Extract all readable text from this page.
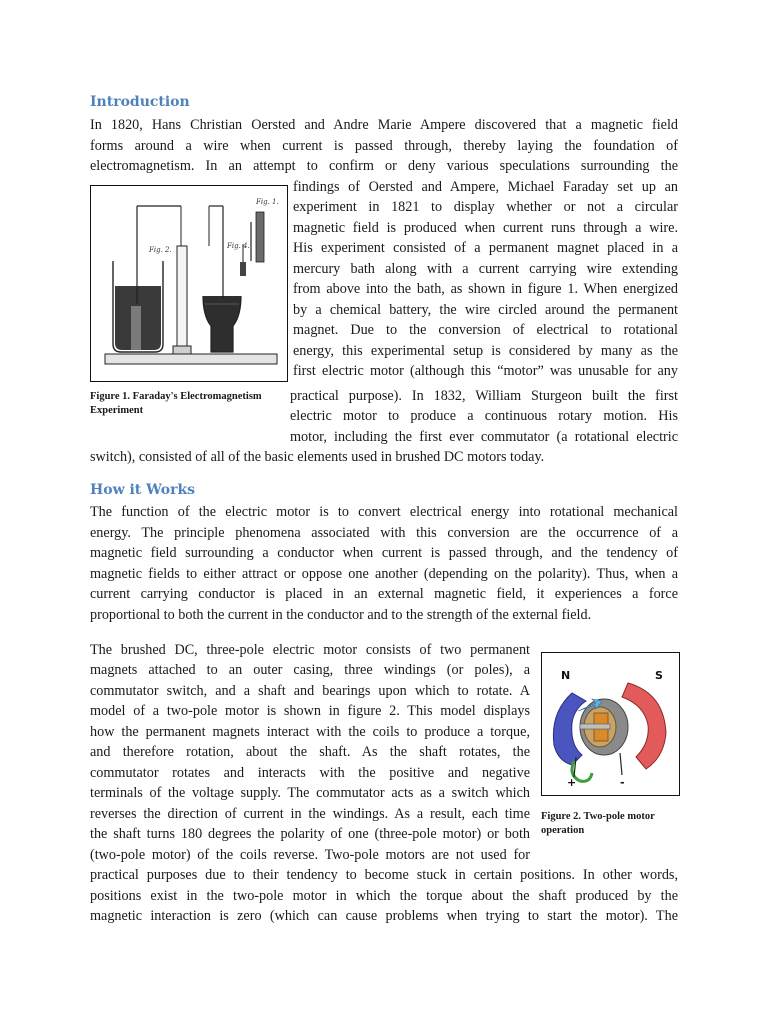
Introduction

In 1820, Hans Christian Oersted and Andre Marie Ampere discovered that a magnetic field

forms around a wire when current is passed through, thereby laying the foundation of

electromagnetism. In an attempt to confirm or deny various speculations surrounding the

findings of Oersted and Ampere, Michael Faraday set up an

experiment in 1821 to display whether or not a circular

magnetic field is produced when current runs through a wire.

His experiment consisted of a permanent magnet placed in a

mercury bath along with a current carrying wire extending

from above into the bath, as shown in figure 1. When energized

by a chemical battery, the wire circled around the permanent

magnet. Due to the conversion of electrical to rotational

energy, this experimental setup is considered by many as the

first electric motor (although this “motor” was unusable for any

practical purpose). In 1832, William Sturgeon built the first

electric motor to produce a continuous rotary motion. His

motor, including the first ever commutator (a rotational electric

switch), consisted of all of the basic elements used in brushed DC motors today.

Fig. 1.
Fig. 2.	Fig. 4.

Figure 1. Faraday's Electromagnetism
Experiment

How it Works

The function of the electric motor is to convert electrical energy into rotational mechanical

energy. The principle phenomena associated with this conversion are the occurrence of a

magnetic field surrounding a conductor when current is passed through, and the tendency of

magnetic fields to either attract or oppose one another (depending on the polarity). Thus, when a

current carrying conductor is placed in an external magnetic field, it experiences a force

proportional to both the current in the conductor and to the strength of the external field.

The brushed DC, three-pole electric motor consists of two permanent

magnets attached to an outer casing, three windings (or poles), a

commutator switch, and a shaft and bearings upon which to rotate. A

model of a two-pole motor is shown in figure 2. This model displays

how the permanent magnets interact with the coils to produce a torque,

and therefore rotation, about the shaft. As the shaft rotates, the

commutator rotates and interacts with the positive and negative

terminals of the voltage supply. The commutator acts as a switch which

reverses the direction of current in the windings. As a result, each time

the shaft turns 180 degrees the polarity of one (three-pole motor) or both

(two-pole motor) of the coils reverse. Two-pole motors are not used for

practical purposes due to their tendency to become stuck in certain positions. In other words,

positions exist in the two-pole motor in which the torque about the shaft produced by the

magnetic interaction is zero (which can cause problems when trying to start the motor). The

N	S
+	-

Figure 2. Two-pole motor
operation
